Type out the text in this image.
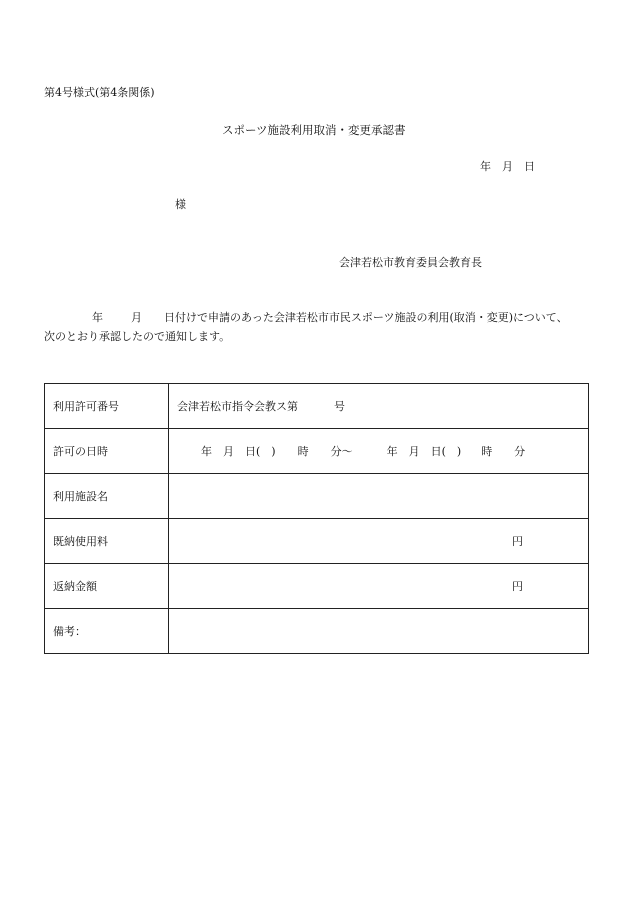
第4号様式(第4条関係)
スポーツ施設利用取消・変更承認書
年　月　日
様
会津若松市教育委員会教育長
年	月 日付けで申請のあった会津若松市市民スポーツ施設の利用(取消・変更)について、
次のとおり承認したので通知します。
利用許可番号	会津若松市指令会教ス第 号
許可の日時	年　月　日(　) 時　　分～ 年　月　日(　) 時　　分
利用施設名	
既納使用料	円
返納金額	円
備考：	
